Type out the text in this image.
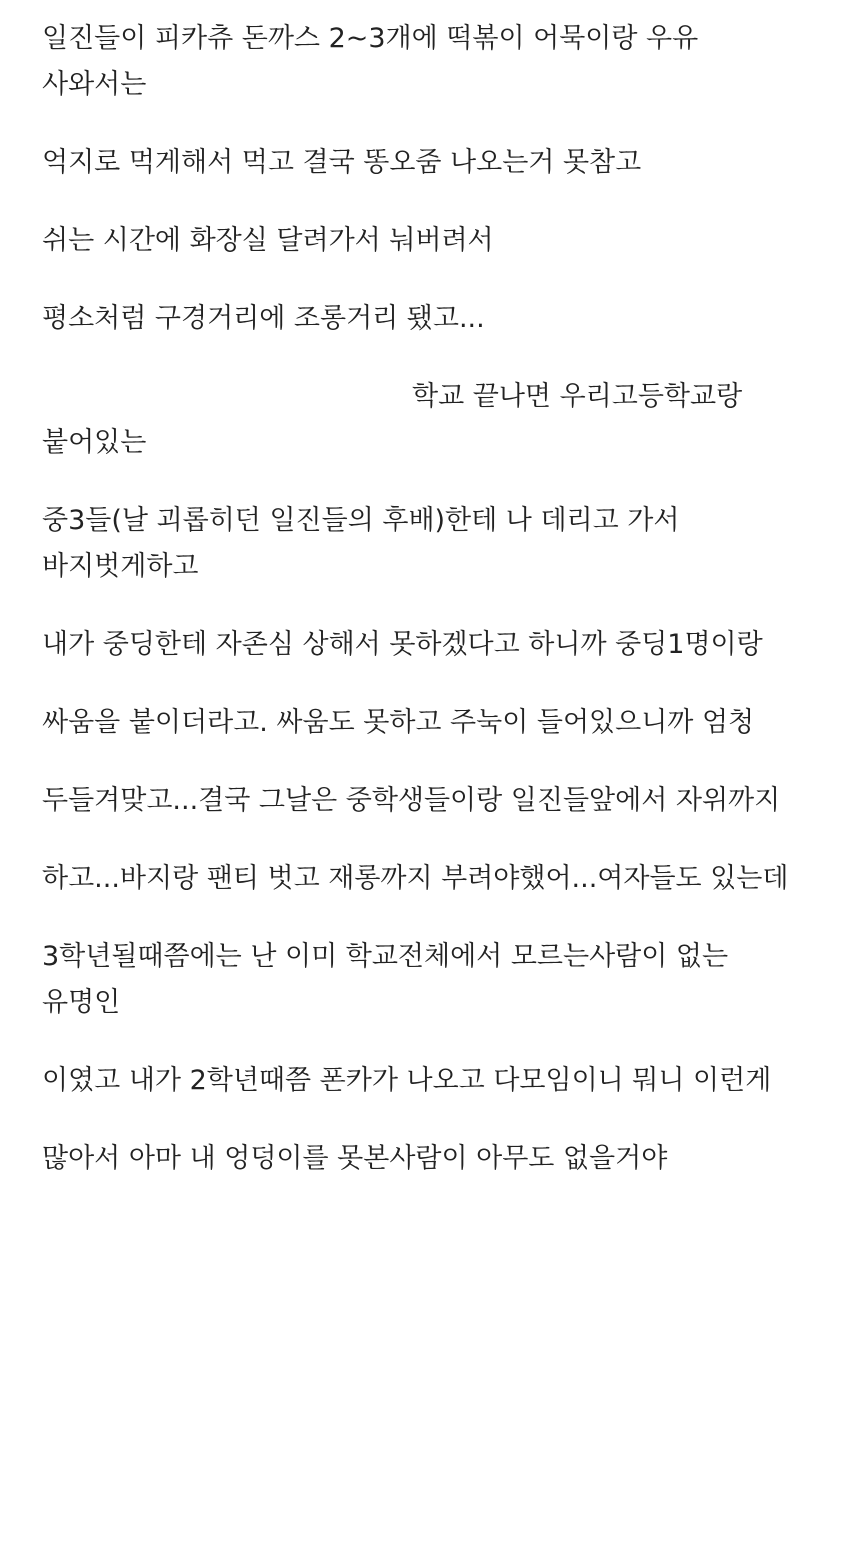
일진들이 피카츄 돈까스 2~3개에 떡볶이 어묵이랑 우유 사와서는

억지로 먹게해서 먹고 결국 똥오줌 나오는거 못참고

쉬는 시간에 화장실 달려가서 눠버려서

평소처럼 구경거리에 조롱거리 됐고...

학교 끝나면 우리고등학교랑 붙어있는

중3들(날 괴롭히던 일진들의 후배)한테 나 데리고 가서 바지벗게하고

내가 중딩한테 자존심 상해서 못하겠다고 하니까 중딩1명이랑

싸움을 붙이더라고. 싸움도 못하고 주눅이 들어있으니까 엄청

두들겨맞고...결국 그날은 중학생들이랑 일진들앞에서 자위까지

하고...바지랑 팬티 벗고 재롱까지 부려야했어...여자들도 있는데

3학년될때쯤에는 난 이미 학교전체에서 모르는사람이 없는 유명인

이였고 내가 2학년때쯤 폰카가 나오고 다모임이니 뭐니 이런게

많아서 아마 내 엉덩이를 못본사람이 아무도 없을거야
